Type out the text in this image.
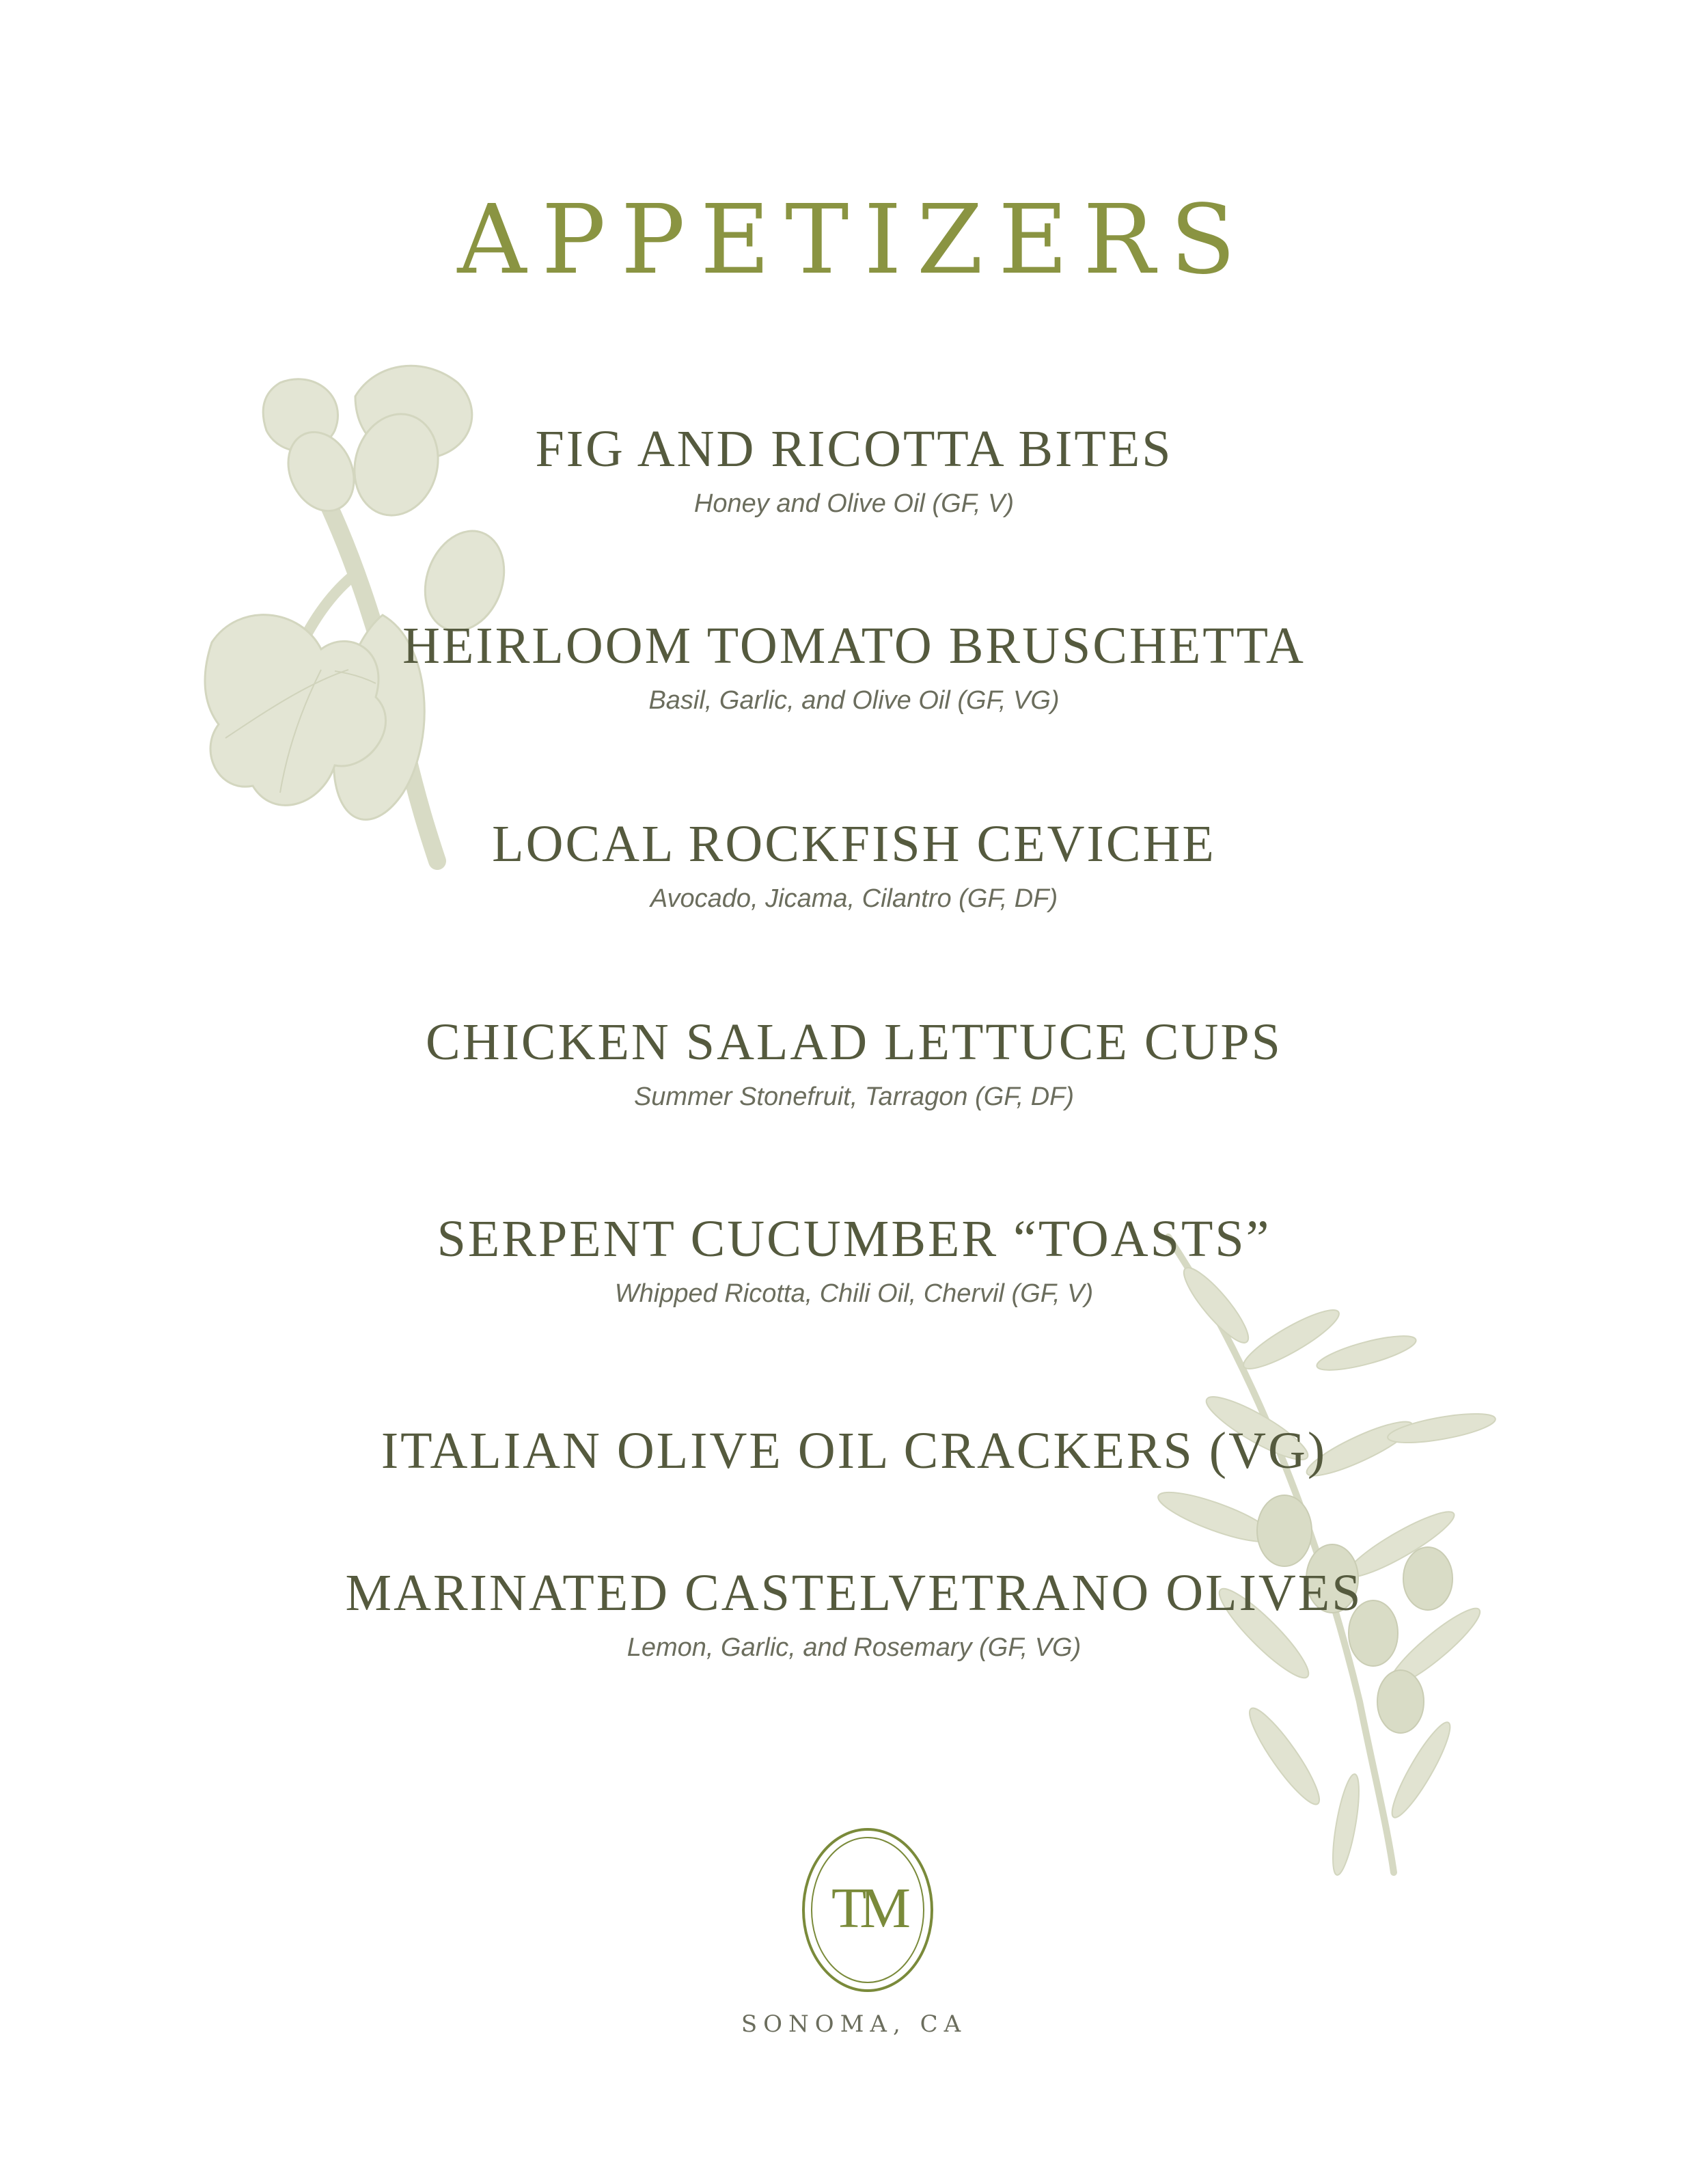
APPETIZERS
FIG AND RICOTTA BITES
Honey and Olive Oil (GF, V)
HEIRLOOM TOMATO BRUSCHETTA
Basil, Garlic, and Olive Oil (GF, VG)
LOCAL ROCKFISH CEVICHE
Avocado, Jicama, Cilantro (GF, DF)
CHICKEN SALAD LETTUCE CUPS
Summer Stonefruit, Tarragon (GF, DF)
SERPENT CUCUMBER “TOASTS”
Whipped Ricotta, Chili Oil, Chervil (GF, V)
ITALIAN OLIVE OIL CRACKERS (VG)
MARINATED CASTELVETRANO OLIVES
Lemon, Garlic, and Rosemary (GF, VG)
TM
SONOMA, CA
